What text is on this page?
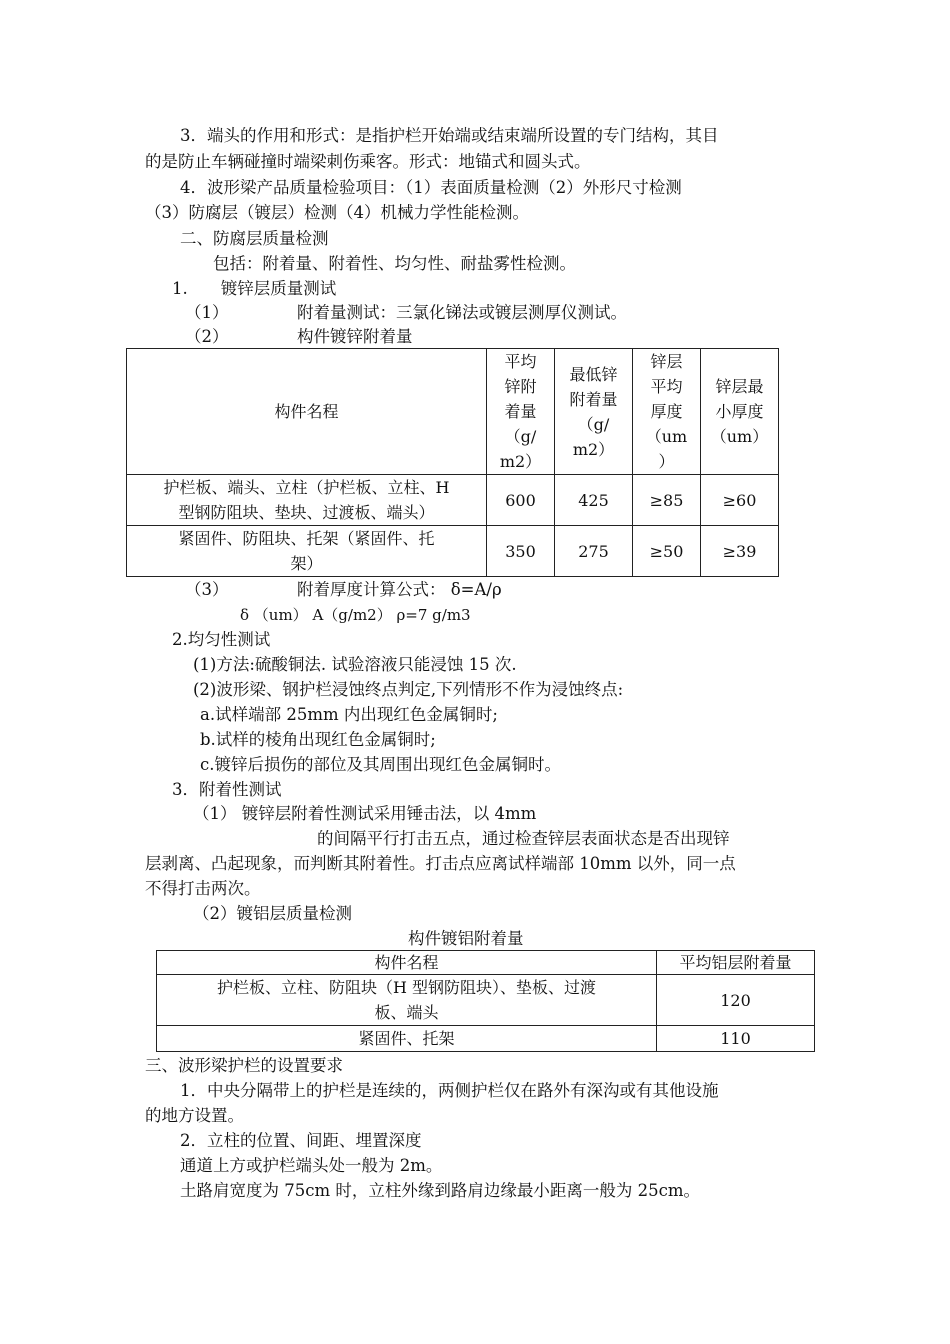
3．端头的作用和形式：是指护栏开始端或结束端所设置的专门结构，其目
的是防止车辆碰撞时端梁刺伤乘客。形式：地锚式和圆头式。
4．波形梁产品质量检验项目：（1）表面质量检测（2）外形尺寸检测
（3）防腐层（镀层）检测（4）机械力学性能检测。
二、防腐层质量检测
包括：附着量、附着性、均匀性、耐盐雾性检测。
1.　　镀锌层质量测试
（1）	附着量测试：三氯化锑法或镀层测厚仪测试。
（2）	构件镀锌附着量
构件名程	平均
锌附
着量
（g/
m2）	最低锌
附着量
（g/
m2）	锌层
平均
厚度
（um
）	锌层最
小厚度
（um）
护栏板、端头、立柱（护栏板、立柱、H
型钢防阻块、垫块、过渡板、端头）	600	425	≥85	≥60
紧固件、防阻块、托架（紧固件、托
架）	350	275	≥50	≥39
（3）	附着厚度计算公式： δ=A/ρ
δ （um） A（g/m2） ρ=7 g/m3
2.均匀性测试
(1)方法:硫酸铜法. 试验溶液只能浸蚀 15 次.
(2)波形梁、钢护栏浸蚀终点判定,下列情形不作为浸蚀终点:
a.试样端部 25mm 内出现红色金属铜时;
b.试样的棱角出现红色金属铜时;
c.镀锌后损伤的部位及其周围出现红色金属铜时。
3．附着性测试
（1） 镀锌层附着性测试采用锤击法，以 4mm
的间隔平行打击五点，通过检查锌层表面状态是否出现锌
层剥离、凸起现象，而判断其附着性。打击点应离试样端部 10mm 以外，同一点
不得打击两次。
（2）镀铝层质量检测
构件镀铝附着量
构件名程	平均铝层附着量
护栏板、立柱、防阻块（H 型钢防阻块）、垫板、过渡
板、端头	120
紧固件、托架	110
三、波形梁护栏的设置要求
1．中央分隔带上的护栏是连续的，两侧护栏仅在路外有深沟或有其他设施
的地方设置。
2．立柱的位置、间距、埋置深度
通道上方或护栏端头处一般为 2m。
土路肩宽度为 75cm 时，立柱外缘到路肩边缘最小距离一般为 25cm。
